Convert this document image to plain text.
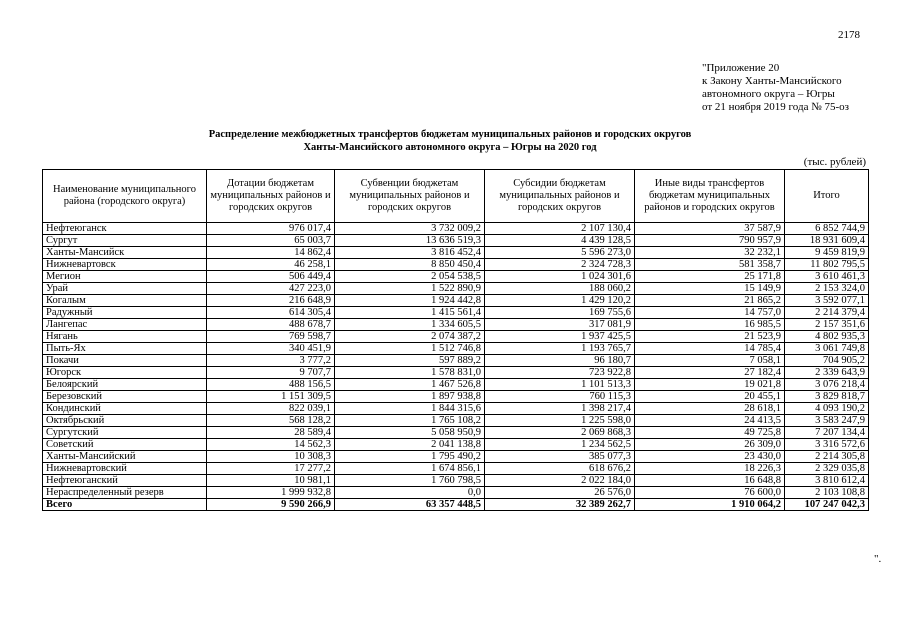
2178
"Приложение 20
к Закону Ханты-Мансийского
автономного округа – Югры
от 21 ноября 2019 года № 75-оз
Распределение межбюджетных трансфертов бюджетам муниципальных районов и городских округов
Ханты-Мансийского автономного округа – Югры на 2020 год
(тыс. рублей)
Наименование муниципального района (городского округа)	Дотации бюджетам муниципальных районов и городских округов	Субвенции бюджетам муниципальных районов и городских округов	Субсидии бюджетам муниципальных районов и городских округов	Иные виды трансфертов бюджетам муниципальных районов и городских округов	Итого
Нефтеюганск	976 017,4	3 732 009,2	2 107 130,4	37 587,9	6 852 744,9
Сургут	65 003,7	13 636 519,3	4 439 128,5	790 957,9	18 931 609,4
Ханты-Мансийск	14 862,4	3 816 452,4	5 596 273,0	32 232,1	9 459 819,9
Нижневартовск	46 258,1	8 850 450,4	2 324 728,3	581 358,7	11 802 795,5
Мегион	506 449,4	2 054 538,5	1 024 301,6	25 171,8	3 610 461,3
Урай	427 223,0	1 522 890,9	188 060,2	15 149,9	2 153 324,0
Когалым	216 648,9	1 924 442,8	1 429 120,2	21 865,2	3 592 077,1
Радужный	614 305,4	1 415 561,4	169 755,6	14 757,0	2 214 379,4
Лангепас	488 678,7	1 334 605,5	317 081,9	16 985,5	2 157 351,6
Нягань	769 598,7	2 074 387,2	1 937 425,5	21 523,9	4 802 935,3
Пыть-Ях	340 451,9	1 512 746,8	1 193 765,7	14 785,4	3 061 749,8
Покачи	3 777,2	597 889,2	96 180,7	7 058,1	704 905,2
Югорск	9 707,7	1 578 831,0	723 922,8	27 182,4	2 339 643,9
Белоярский	488 156,5	1 467 526,8	1 101 513,3	19 021,8	3 076 218,4
Березовский	1 151 309,5	1 897 938,8	760 115,3	20 455,1	3 829 818,7
Кондинский	822 039,1	1 844 315,6	1 398 217,4	28 618,1	4 093 190,2
Октябрьский	568 128,2	1 765 108,2	1 225 598,0	24 413,5	3 583 247,9
Сургутский	28 589,4	5 058 950,9	2 069 868,3	49 725,8	7 207 134,4
Советский	14 562,3	2 041 138,8	1 234 562,5	26 309,0	3 316 572,6
Ханты-Мансийский	10 308,3	1 795 490,2	385 077,3	23 430,0	2 214 305,8
Нижневартовский	17 277,2	1 674 856,1	618 676,2	18 226,3	2 329 035,8
Нефтеюганский	10 981,1	1 760 798,5	2 022 184,0	16 648,8	3 810 612,4
Нераспределенный резерв	1 999 932,8	0,0	26 576,0	76 600,0	2 103 108,8
Всего	9 590 266,9	63 357 448,5	32 389 262,7	1 910 064,2	107 247 042,3
".
